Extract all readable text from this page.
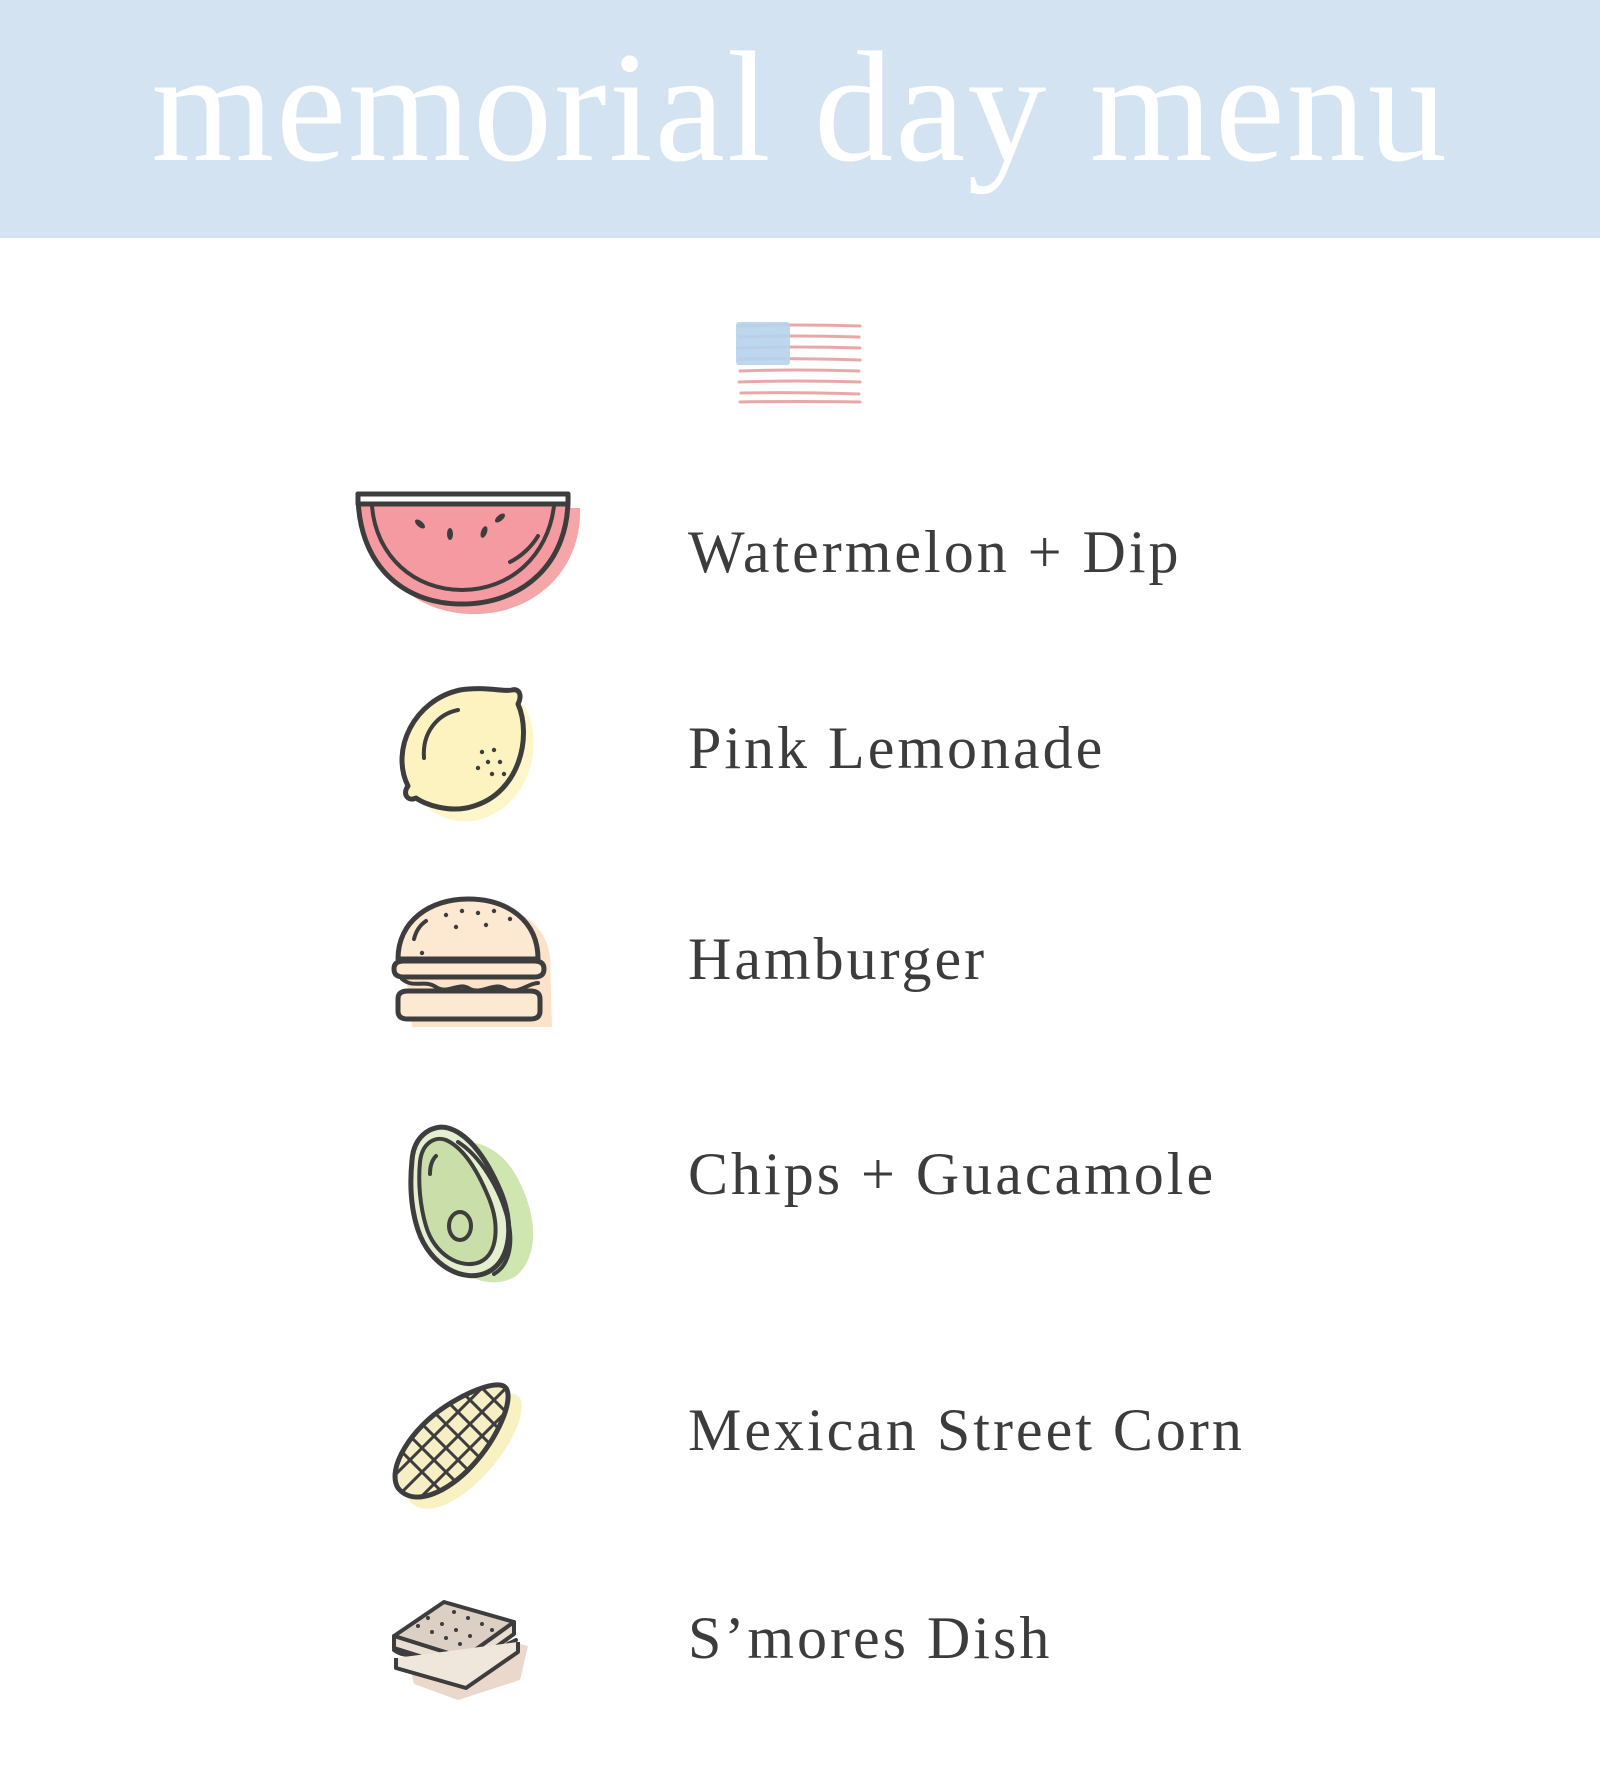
memorial day menu
Watermelon + Dip
Pink Lemonade
Hamburger
Chips + Guacamole
Mexican Street Corn
S’mores Dish
